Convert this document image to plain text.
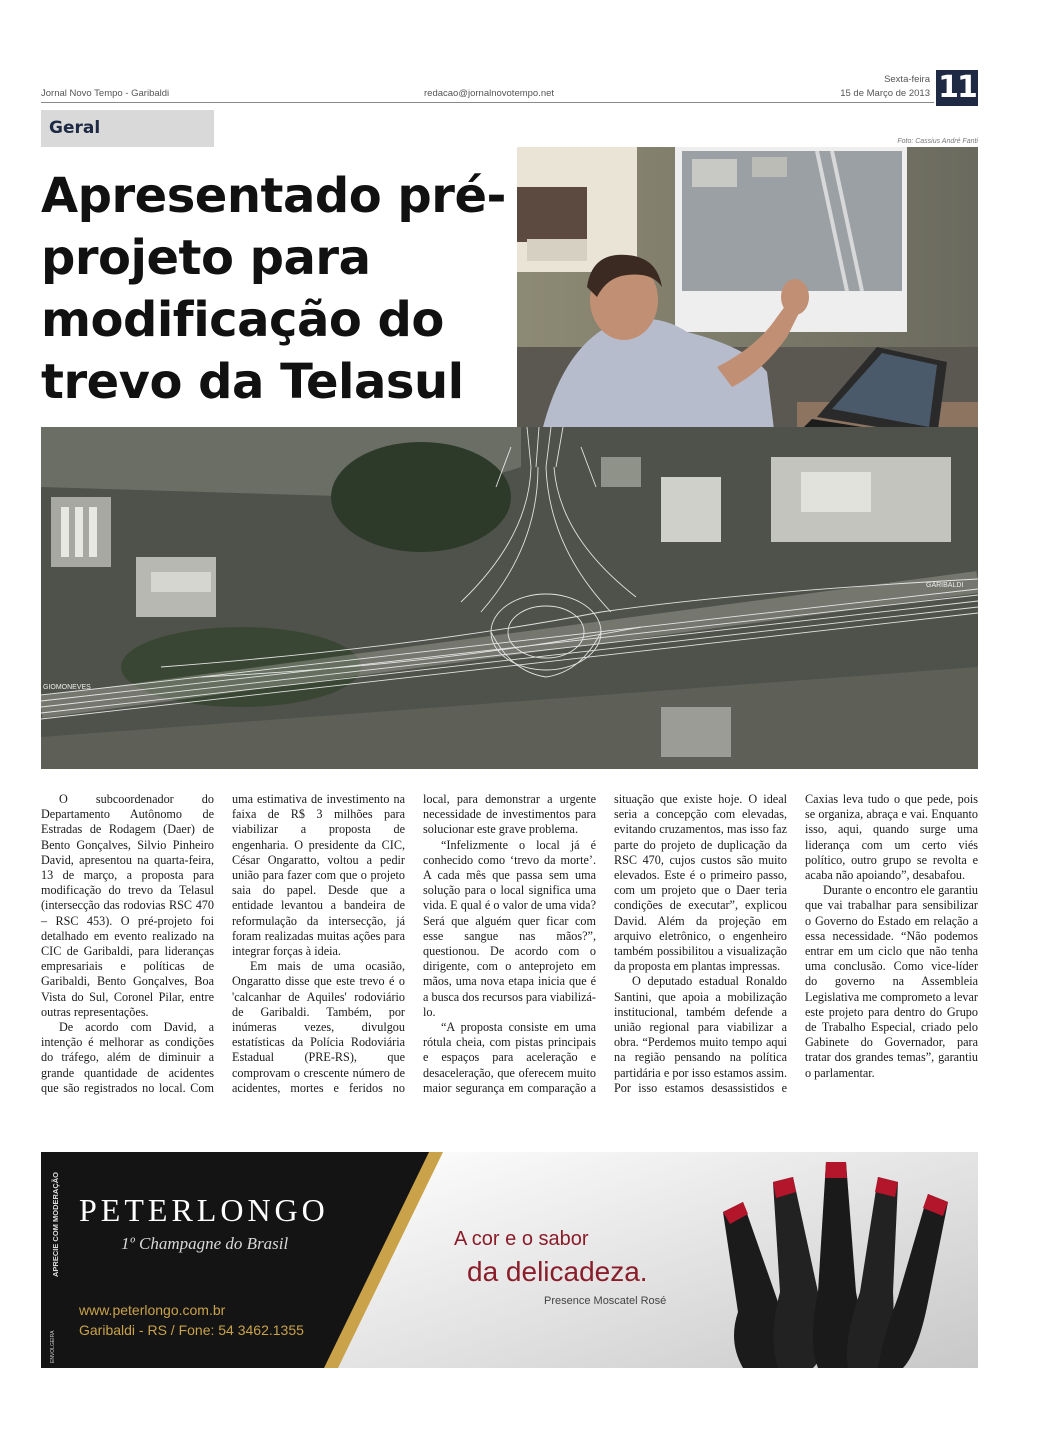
Jornal Novo Tempo - Garibaldi	redacao@jornalnovotempo.net
Sexta-feira
15 de Março de 2013 11
Geral
Foto: Cassius André Fanti
Apresentado pré-projeto para modificação do trevo da Telasul
GIOMONEVES
GARIBALDI

O subcoordenador do Departamento Autônomo de Estradas de Rodagem (Daer) de Bento Gonçalves, Silvio Pinheiro David, apresentou na quarta-feira, 13 de março, a proposta para modificação do trevo da Telasul (intersecção das rodovias RSC 470 – RSC 453). O pré-projeto foi detalhado em evento realizado na CIC de Garibaldi, para lideranças empresariais e políticas de Garibaldi, Bento Gonçalves, Boa Vista do Sul, Coronel Pilar, entre outras representações.

De acordo com David, a intenção é melhorar as condições do tráfego, além de diminuir a grande quantidade de acidentes que são registrados no local. Com uma estimativa de investimento na faixa de R$ 3 milhões para viabilizar a proposta de engenharia. O presidente da CIC, César Ongaratto, voltou a pedir união para fazer com que o projeto saia do papel. Desde que a entidade levantou a bandeira de reformulação da intersecção, já foram realizadas muitas ações para integrar forças à ideia.

Em mais de uma ocasião, Ongaratto disse que este trevo é o 'calcanhar de Aquiles' rodoviário de Garibaldi. Também, por inúmeras vezes, divulgou estatísticas da Polícia Rodoviária Estadual (PRE-RS), que comprovam o crescente número de acidentes, mortes e feridos no local, para demonstrar a urgente necessidade de investimentos para solucionar este grave problema.

“Infelizmente o local já é conhecido como ‘trevo da morte’. A cada mês que passa sem uma solução para o local significa uma vida. E qual é o valor de uma vida? Será que alguém quer ficar com esse sangue nas mãos?”, questionou. De acordo com o dirigente, com o anteprojeto em mãos, uma nova etapa inicia que é a busca dos recursos para viabilizá-lo.

“A proposta consiste em uma rótula cheia, com pistas principais e espaços para aceleração e desaceleração, que oferecem muito maior segurança em comparação a situação que existe hoje. O ideal seria a concepção com elevadas, evitando cruzamentos, mas isso faz parte do projeto de duplicação da RSC 470, cujos custos são muito elevados. Este é o primeiro passo, com um projeto que o Daer teria condições de executar”, explicou David. Além da projeção em arquivo eletrônico, o engenheiro também possibilitou a visualização da proposta em plantas impressas.

O deputado estadual Ronaldo Santini, que apoia a mobilização institucional, também defende a união regional para viabilizar a obra. “Perdemos muito tempo aqui na região pensando na política partidária e por isso estamos assim. Por isso estamos desassistidos e Caxias leva tudo o que pede, pois se organiza, abraça e vai. Enquanto isso, aqui, quando surge uma liderança com um certo viés político, outro grupo se revolta e acaba não apoiando”, desabafou.

Durante o encontro ele garantiu que vai trabalhar para sensibilizar o Governo do Estado em relação a essa necessidade. “Não podemos entrar em um ciclo que não tenha uma conclusão. Como vice-líder do governo na Assembleia Legislativa me comprometo a levar este projeto para dentro do Grupo de Trabalho Especial, criado pelo Gabinete do Governador, para tratar dos grandes temas”, garantiu o parlamentar.

PETERLONGO
1º Champagne do Brasil
www.peterlongo.com.br
Garibaldi - RS / Fone: 54 3462.1355
APRECIE COM MODERAÇÃO
ENVOLGEIRA
A cor e o sabor
da delicadeza.
Presence Moscatel Rosé
